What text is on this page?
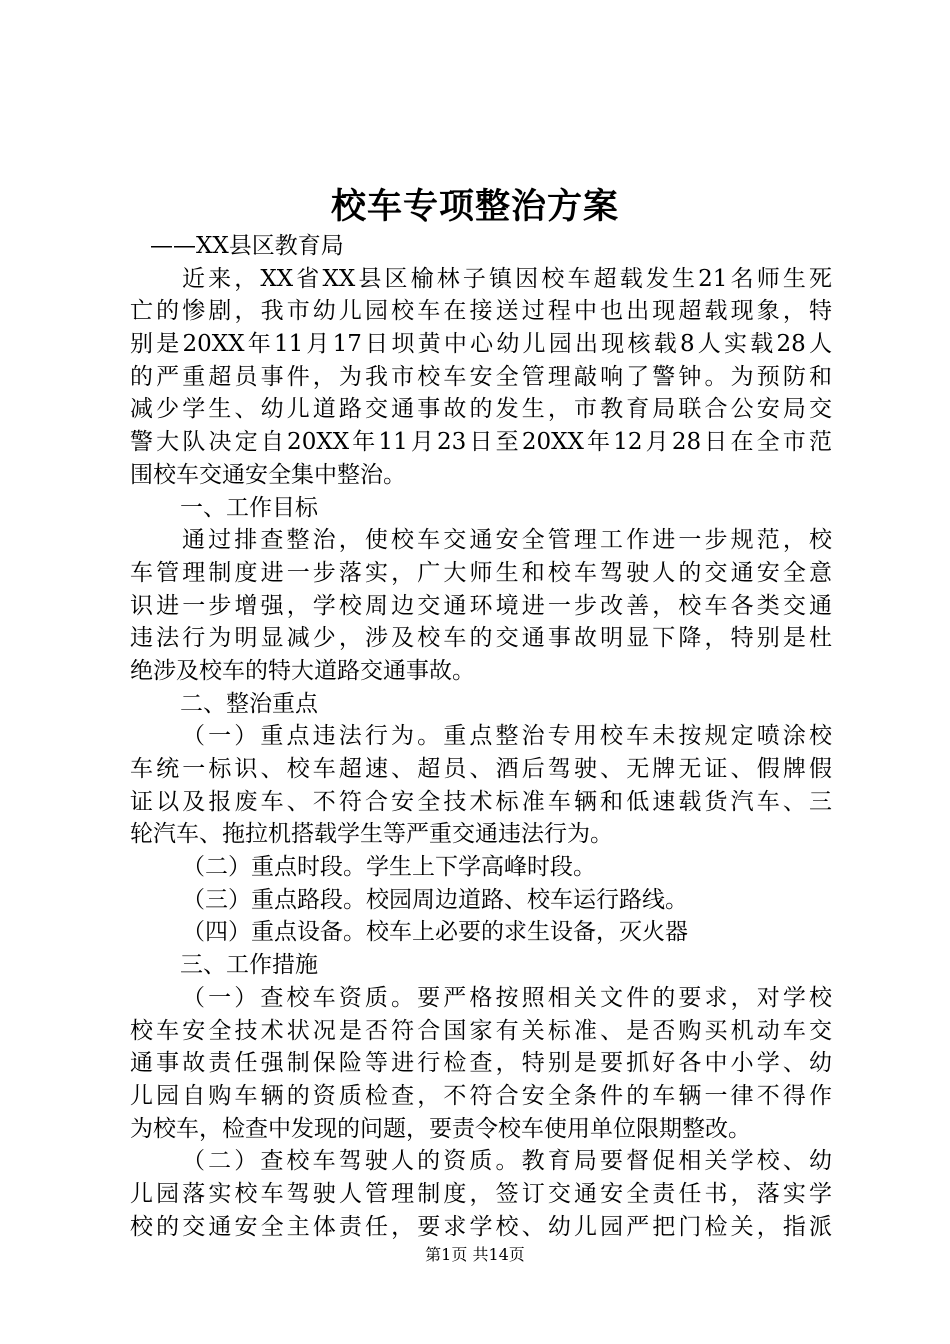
校车专项整治方案
——XX县区教育局
近来，XX省XX县区榆林子镇因校车超载发生21名师生死
亡的惨剧，我市幼儿园校车在接送过程中也出现超载现象，特
别是20XX年11月17日坝黄中心幼儿园出现核载8人实载28人
的严重超员事件，为我市校车安全管理敲响了警钟。为预防和
减少学生、幼儿道路交通事故的发生，市教育局联合公安局交
警大队决定自20XX年11月23日至20XX年12月28日在全市范
围校车交通安全集中整治。
一、工作目标
通过排查整治，使校车交通安全管理工作进一步规范，校
车管理制度进一步落实，广大师生和校车驾驶人的交通安全意
识进一步增强，学校周边交通环境进一步改善，校车各类交通
违法行为明显减少，涉及校车的交通事故明显下降，特别是杜
绝涉及校车的特大道路交通事故。
二、整治重点
（一）重点违法行为。重点整治专用校车未按规定喷涂校
车统一标识、校车超速、超员、酒后驾驶、无牌无证、假牌假
证以及报废车、不符合安全技术标准车辆和低速载货汽车、三
轮汽车、拖拉机搭载学生等严重交通违法行为。
（二）重点时段。学生上下学高峰时段。
（三）重点路段。校园周边道路、校车运行路线。
（四）重点设备。校车上必要的求生设备，灭火器
三、工作措施
（一）查校车资质。要严格按照相关文件的要求，对学校
校车安全技术状况是否符合国家有关标准、是否购买机动车交
通事故责任强制保险等进行检查，特别是要抓好各中小学、幼
儿园自购车辆的资质检查，不符合安全条件的车辆一律不得作
为校车，检查中发现的问题，要责令校车使用单位限期整改。
（二）查校车驾驶人的资质。教育局要督促相关学校、幼
儿园落实校车驾驶人管理制度，签订交通安全责任书，落实学
校的交通安全主体责任，要求学校、幼儿园严把门检关，指派
第1页 共14页
